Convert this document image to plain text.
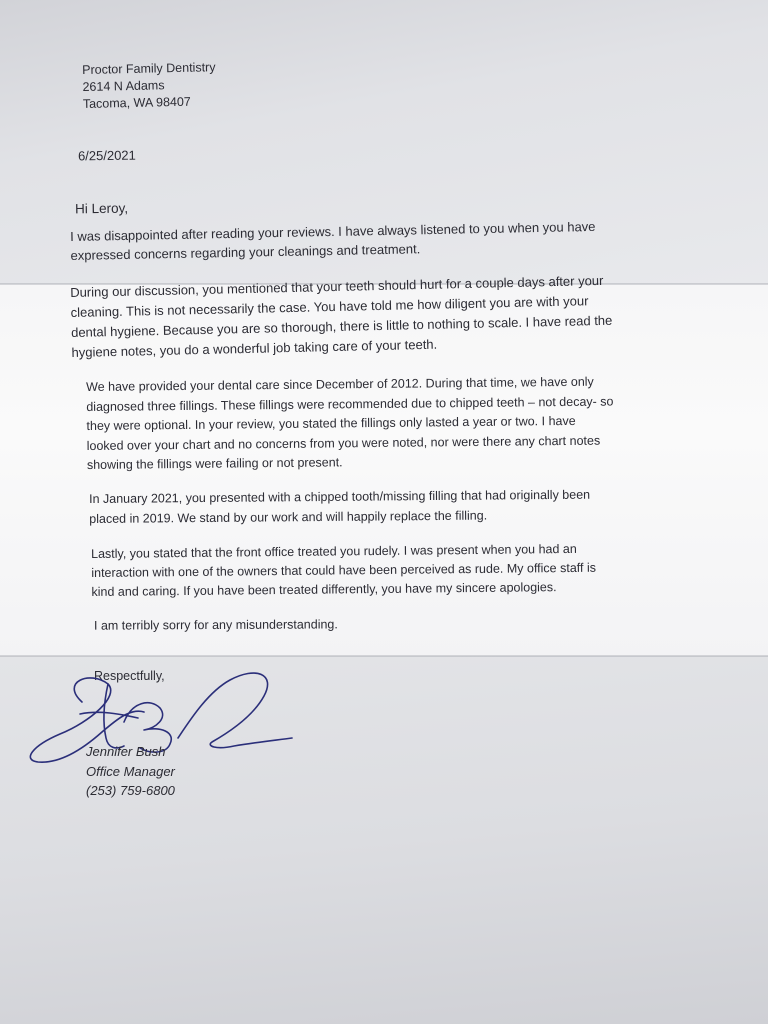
Proctor Family Dentistry
2614 N Adams
Tacoma, WA 98407
6/25/2021
Hi Leroy,
I was disappointed after reading your reviews. I have always listened to you when you have
expressed concerns regarding your cleanings and treatment.
During our discussion, you mentioned that your teeth should hurt for a couple days after your
cleaning. This is not necessarily the case. You have told me how diligent you are with your
dental hygiene. Because you are so thorough, there is little to nothing to scale. I have read the
hygiene notes, you do a wonderful job taking care of your teeth.
We have provided your dental care since December of 2012. During that time, we have only
diagnosed three fillings. These fillings were recommended due to chipped teeth – not decay- so
they were optional. In your review, you stated the fillings only lasted a year or two. I have
looked over your chart and no concerns from you were noted, nor were there any chart notes
showing the fillings were failing or not present.
In January 2021, you presented with a chipped tooth/missing filling that had originally been
placed in 2019. We stand by our work and will happily replace the filling.
Lastly, you stated that the front office treated you rudely. I was present when you had an
interaction with one of the owners that could have been perceived as rude. My office staff is
kind and caring. If you have been treated differently, you have my sincere apologies.
I am terribly sorry for any misunderstanding.
Respectfully,
Jennifer Bush
Office Manager
(253) 759-6800
